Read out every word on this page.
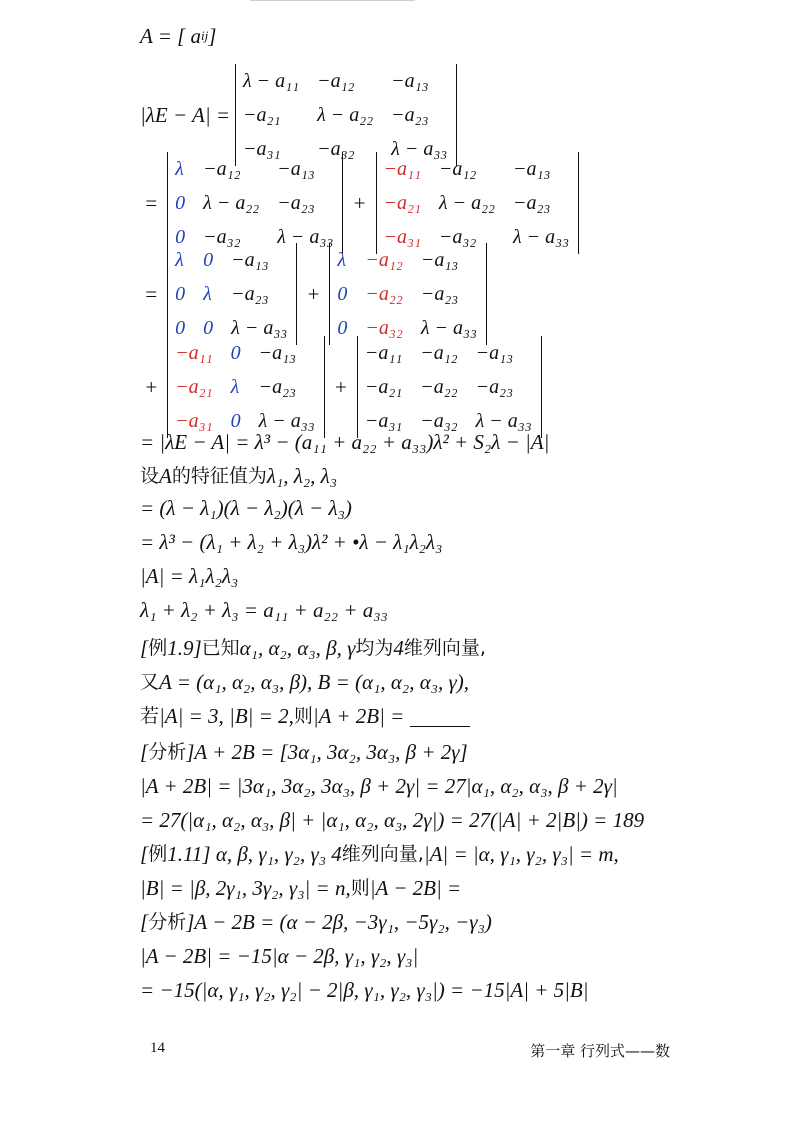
A = [ a ij ]
|λE − A| =
λ − a₁₁	−a₁₂	−a₁₃
−a₂₁	λ − a₂₂	−a₂₃
−a₃₁	−a₃₂	λ − a₃₃
=
λ	−a₁₂	−a₁₃
0	λ − a₂₂	−a₂₃
0	−a₃₂	λ − a₃₃
+
−a₁₁	−a₁₂	−a₁₃
−a₂₁	λ − a₂₂	−a₂₃
−a₃₁	−a₃₂	λ − a₃₃
=
λ	0	−a₁₃
0	λ	−a₂₃
0	0	λ − a₃₃
+
λ	−a₁₂	−a₁₃
0	−a₂₂	−a₂₃
0	−a₃₂	λ − a₃₃
+
−a₁₁	0	−a₁₃
−a₂₁	λ	−a₂₃
−a₃₁	0	λ − a₃₃
+
−a₁₁	−a₁₂	−a₁₃
−a₂₁	−a₂₂	−a₂₃
−a₃₁	−a₃₂	λ − a₃₃
= |λE − A| = λ³ − (a₁₁ + a₂₂ + a₃₃)λ² + S₂λ − |A|
设 A 的特征值为 λ₁, λ₂, λ₃
= (λ − λ₁)(λ − λ₂)(λ − λ₃)
= λ³ − (λ₁ + λ₂ + λ₃)λ² + •λ − λ₁λ₂λ₃
|A| = λ₁λ₂λ₃
λ₁ + λ₂ + λ₃ = a₁₁ + a₂₂ + a₃₃
[ 例 1.9] 已知 α₁, α₂, α₃, β, γ 均为 4 维列向量,
又 A = (α₁, α₂, α₃, β), B = (α₁, α₂, α₃, γ),
若 |A| = 3, |B| = 2, 则 |A + 2B| =
[ 分析 ]A + 2B = [3α₁, 3α₂, 3α₃, β + 2γ]
|A + 2B| = |3α₁, 3α₂, 3α₃, β + 2γ| = 27|α₁, α₂, α₃, β + 2γ|
= 27(|α₁, α₂, α₃, β| + |α₁, α₂, α₃, 2γ|) = 27(|A| + 2|B|) = 189
[ 例 1.11] α, β, γ₁, γ₂, γ₃ 4 维列向量, |A| = |α, γ₁, γ₂, γ₃| = m,
|B| = |β, 2γ₁, 3γ₂, γ₃| = n, 则 |A − 2B| =
[ 分析 ]A − 2B = (α − 2β, −3γ₁, −5γ₂, −γ₃)
|A − 2B| = −15|α − 2β, γ₁, γ₂, γ₃|
= −15(|α, γ₁, γ₂, γ₂| − 2|β, γ₁, γ₂, γ₃|) = −15|A| + 5|B|
14	第一章 行列式——数
